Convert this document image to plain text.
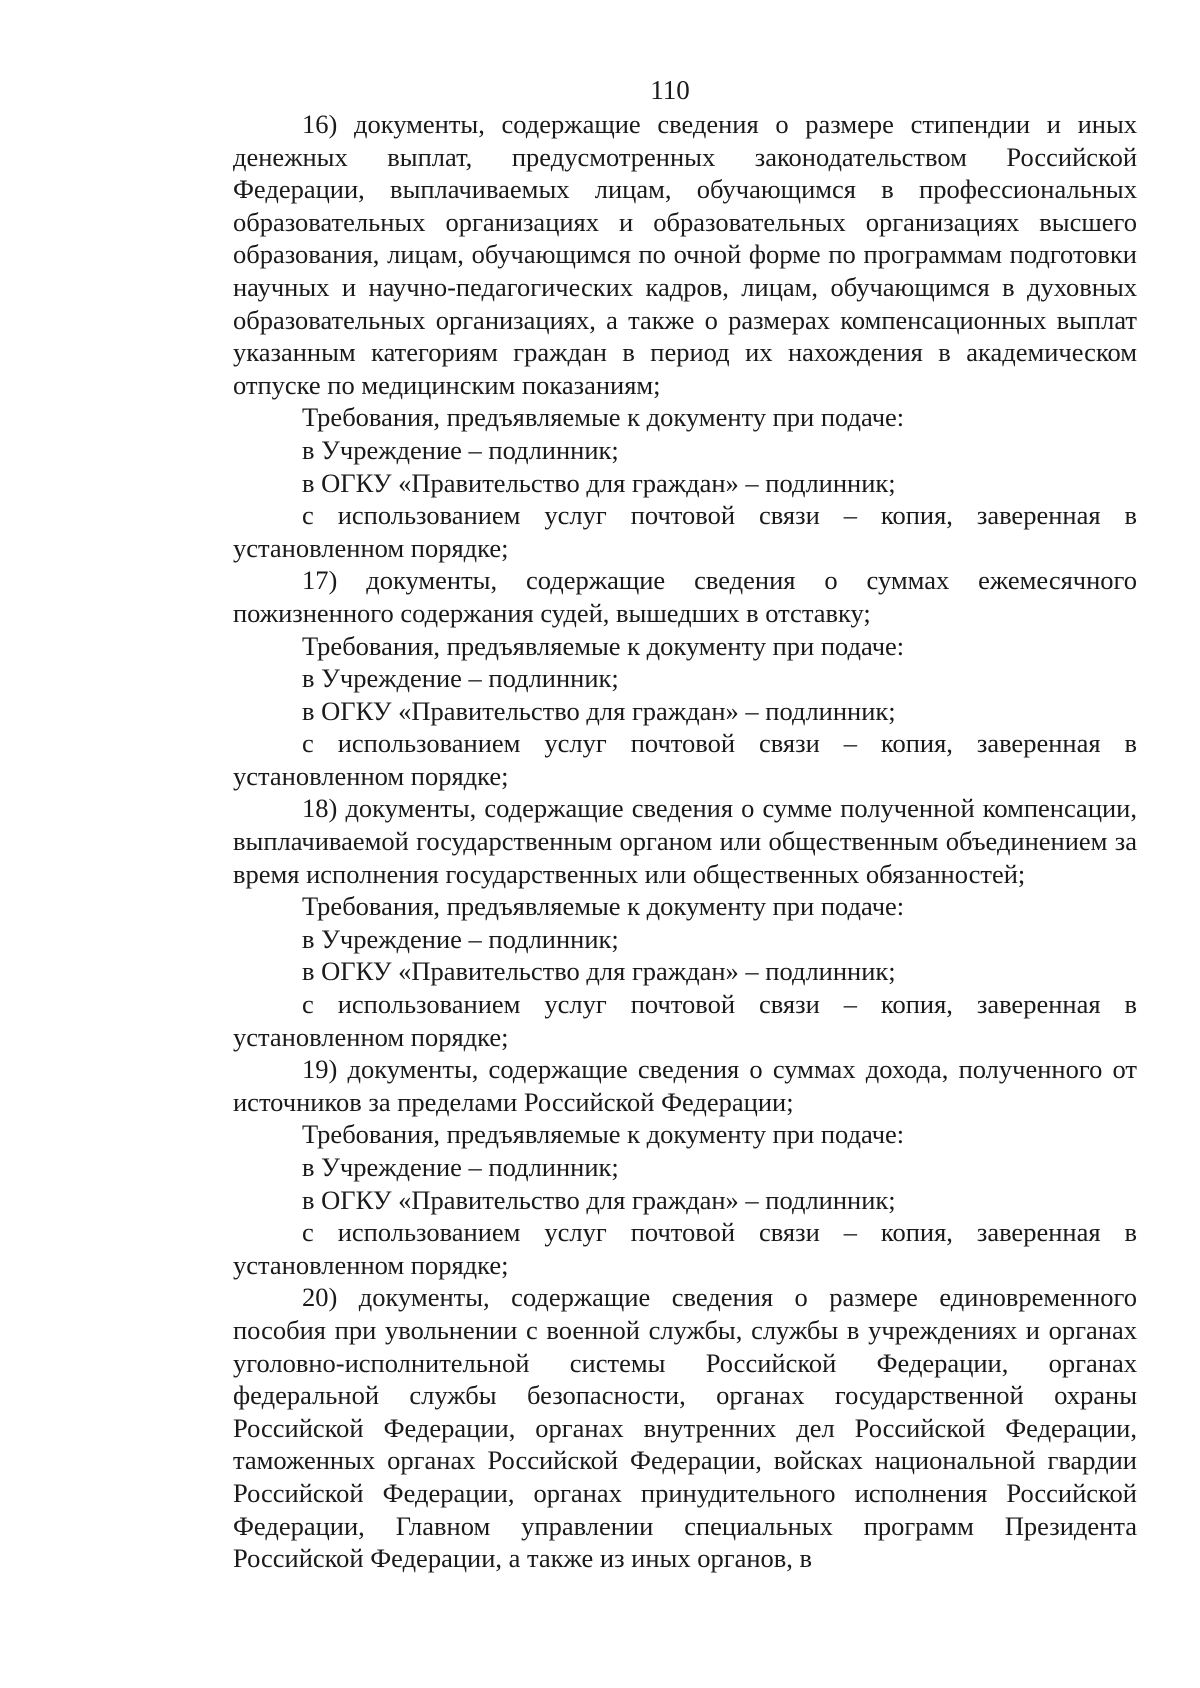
110

16) документы, содержащие сведения о размере стипендии и иных денежных выплат, предусмотренных законодательством Российской Федерации, выплачиваемых лицам, обучающимся в профессиональных образовательных организациях и образовательных организациях высшего образования, лицам, обучающимся по очной форме по программам подготовки научных и научно-педагогических кадров, лицам, обучающимся в духовных образовательных организациях, а также о размерах компенсационных выплат указанным категориям граждан в период их нахождения в академическом отпуске по медицинским показаниям;

Требования, предъявляемые к документу при подаче:

в Учреждение – подлинник;

в ОГКУ «Правительство для граждан» – подлинник;

с использованием услуг почтовой связи – копия, заверенная в установленном порядке;

17) документы, содержащие сведения о суммах ежемесячного пожизненного содержания судей, вышедших в отставку;

Требования, предъявляемые к документу при подаче:

в Учреждение – подлинник;

в ОГКУ «Правительство для граждан» – подлинник;

с использованием услуг почтовой связи – копия, заверенная в установленном порядке;

18) документы, содержащие сведения о сумме полученной компенсации, выплачиваемой государственным органом или общественным объединением за время исполнения государственных или общественных обязанностей;

Требования, предъявляемые к документу при подаче:

в Учреждение – подлинник;

в ОГКУ «Правительство для граждан» – подлинник;

с использованием услуг почтовой связи – копия, заверенная в установленном порядке;

19) документы, содержащие сведения о суммах дохода, полученного от источников за пределами Российской Федерации;

Требования, предъявляемые к документу при подаче:

в Учреждение – подлинник;

в ОГКУ «Правительство для граждан» – подлинник;

с использованием услуг почтовой связи – копия, заверенная в установленном порядке;

20) документы, содержащие сведения о размере единовременного пособия при увольнении с военной службы, службы в учреждениях и органах уголовно-исполнительной системы Российской Федерации, органах федеральной службы безопасности, органах государственной охраны Российской Федерации, органах внутренних дел Российской Федерации, таможенных органах Российской Федерации, войсках национальной гвардии Российской Федерации, органах принудительного исполнения Российской Федерации, Главном управлении специальных программ Президента Российской Федерации, а также из иных органов, в
